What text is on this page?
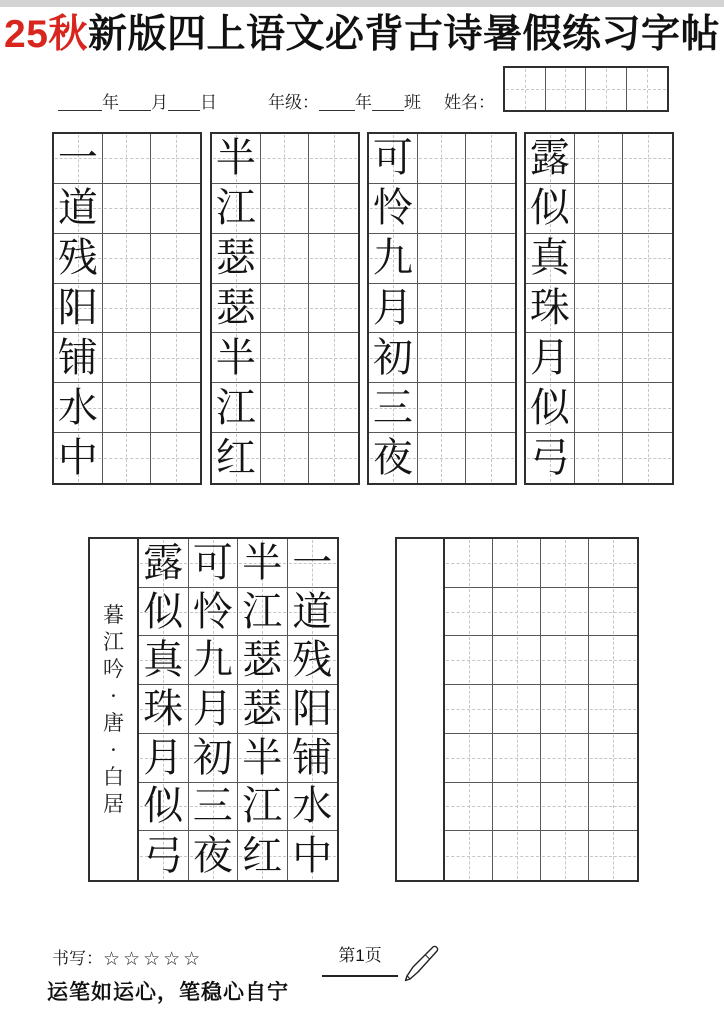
25秋新版四上语文必背古诗暑假练习字帖
年 月 日	年级： 年 班 姓名：
一
道
残
阳
铺
水
中
半
江
瑟
瑟
半
江
红
可
怜
九
月
初
三
夜
露
似
真
珠
月
似
弓
暮
江
吟
·
唐
·
白
居
露 可 半 一
似 怜 江 道
真 九 瑟 残
珠 月 瑟 阳
月 初 半 铺
似 三 江 水
弓 夜 红 中
书写：☆☆☆☆☆	第1页
运笔如运心，笔稳心自宁
